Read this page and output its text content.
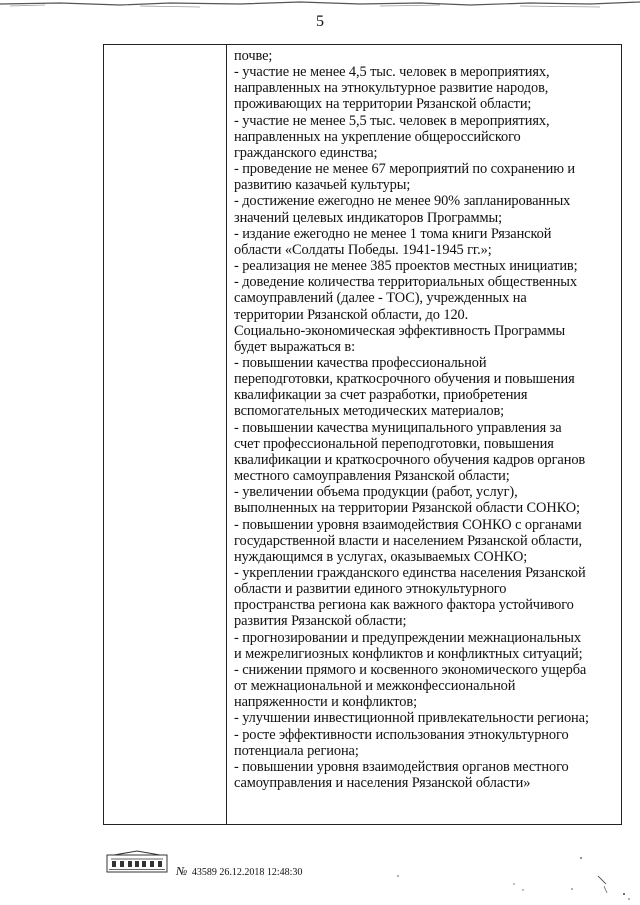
5
почве;
- участие не менее 4,5 тыс. человек в мероприятиях,
направленных на этнокультурное развитие народов,
проживающих на территории Рязанской области;
- участие не менее 5,5 тыс. человек в мероприятиях,
направленных на укрепление общероссийского
гражданского единства;
- проведение не менее 67 мероприятий по сохранению и
развитию казачьей культуры;
- достижение ежегодно не менее 90% запланированных
значений целевых индикаторов Программы;
- издание ежегодно не менее 1 тома книги Рязанской
области «Солдаты Победы. 1941-1945 гг.»;
- реализация не менее 385 проектов местных инициатив;
- доведение количества территориальных общественных
самоуправлений (далее - ТОС), учрежденных на
территории Рязанской области, до 120.
Социально-экономическая эффективность Программы
будет выражаться в:
- повышении качества профессиональной
переподготовки, краткосрочного обучения и повышения
квалификации за счет разработки, приобретения
вспомогательных методических материалов;
- повышении качества муниципального управления за
счет профессиональной переподготовки, повышения
квалификации и краткосрочного обучения кадров органов
местного самоуправления Рязанской области;
- увеличении объема продукции (работ, услуг),
выполненных на территории Рязанской области СОНКО;
- повышении уровня взаимодействия СОНКО с органами
государственной власти и населением Рязанской области,
нуждающимся в услугах, оказываемых СОНКО;
- укреплении гражданского единства населения Рязанской
области и развитии единого этнокультурного
пространства региона как важного фактора устойчивого
развития Рязанской области;
- прогнозировании и предупреждении межнациональных
и межрелигиозных конфликтов и конфликтных ситуаций;
- снижении прямого и косвенного экономического ущерба
от межнациональной и межконфессиональной
напряженности и конфликтов;
- улучшении инвестиционной привлекательности региона;
- росте эффективности использования этнокультурного
потенциала региона;
- повышении уровня взаимодействия органов местного
самоуправления и населения Рязанской области»
№ 43589 26.12.2018 12:48:30
